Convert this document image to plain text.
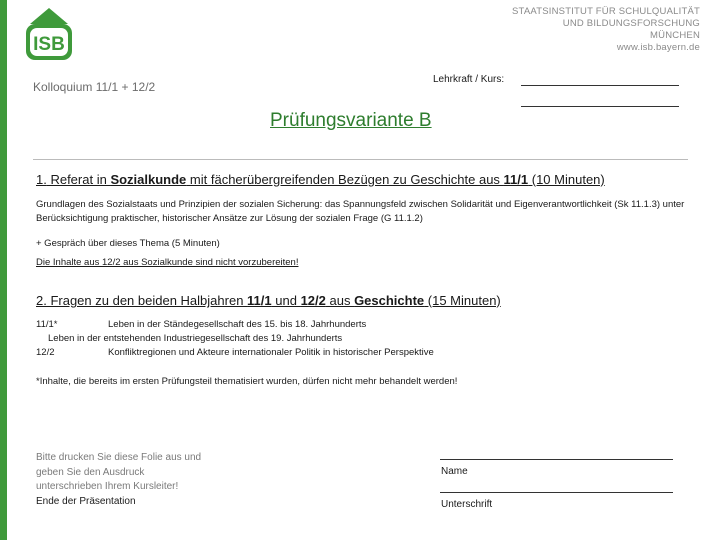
ISB
STAATSINSTITUT FÜR SCHULQUALITÄT
UND BILDUNGSFORSCHUNG
MÜNCHEN
www.isb.bayern.de
Kolloquium 11/1 + 12/2
Lehrkraft / Kurs:
Prüfungsvariante B
1. Referat in Sozialkunde mit fächerübergreifenden Bezügen zu Geschichte aus 11/1 (10 Minuten)
Grundlagen des Sozialstaats und Prinzipien der sozialen Sicherung: das Spannungsfeld zwischen Solidarität und Eigenverantwortlichkeit (Sk 11.1.3) unter Berücksichtigung praktischer, historischer Ansätze zur Lösung der sozialen Frage (G 11.1.2)
+ Gespräch über dieses Thema (5 Minuten)
Die Inhalte aus 12/2 aus Sozialkunde sind nicht vorzubereiten!
2. Fragen zu den beiden Halbjahren 11/1 und 12/2 aus Geschichte (15 Minuten)
11/1*	Leben in der Ständegesellschaft des 15. bis 18. Jahrhunderts
Leben in der entstehenden Industriegesellschaft des 19. Jahrhunderts
12/2	Konfliktregionen und Akteure internationaler Politik in historischer Perspektive
*Inhalte, die bereits im ersten Prüfungsteil thematisiert wurden, dürfen nicht mehr behandelt werden!
Bitte drucken Sie diese Folie aus und
geben Sie den Ausdruck
unterschrieben Ihrem Kursleiter!
Ende der Präsentation
Name
Unterschrift
